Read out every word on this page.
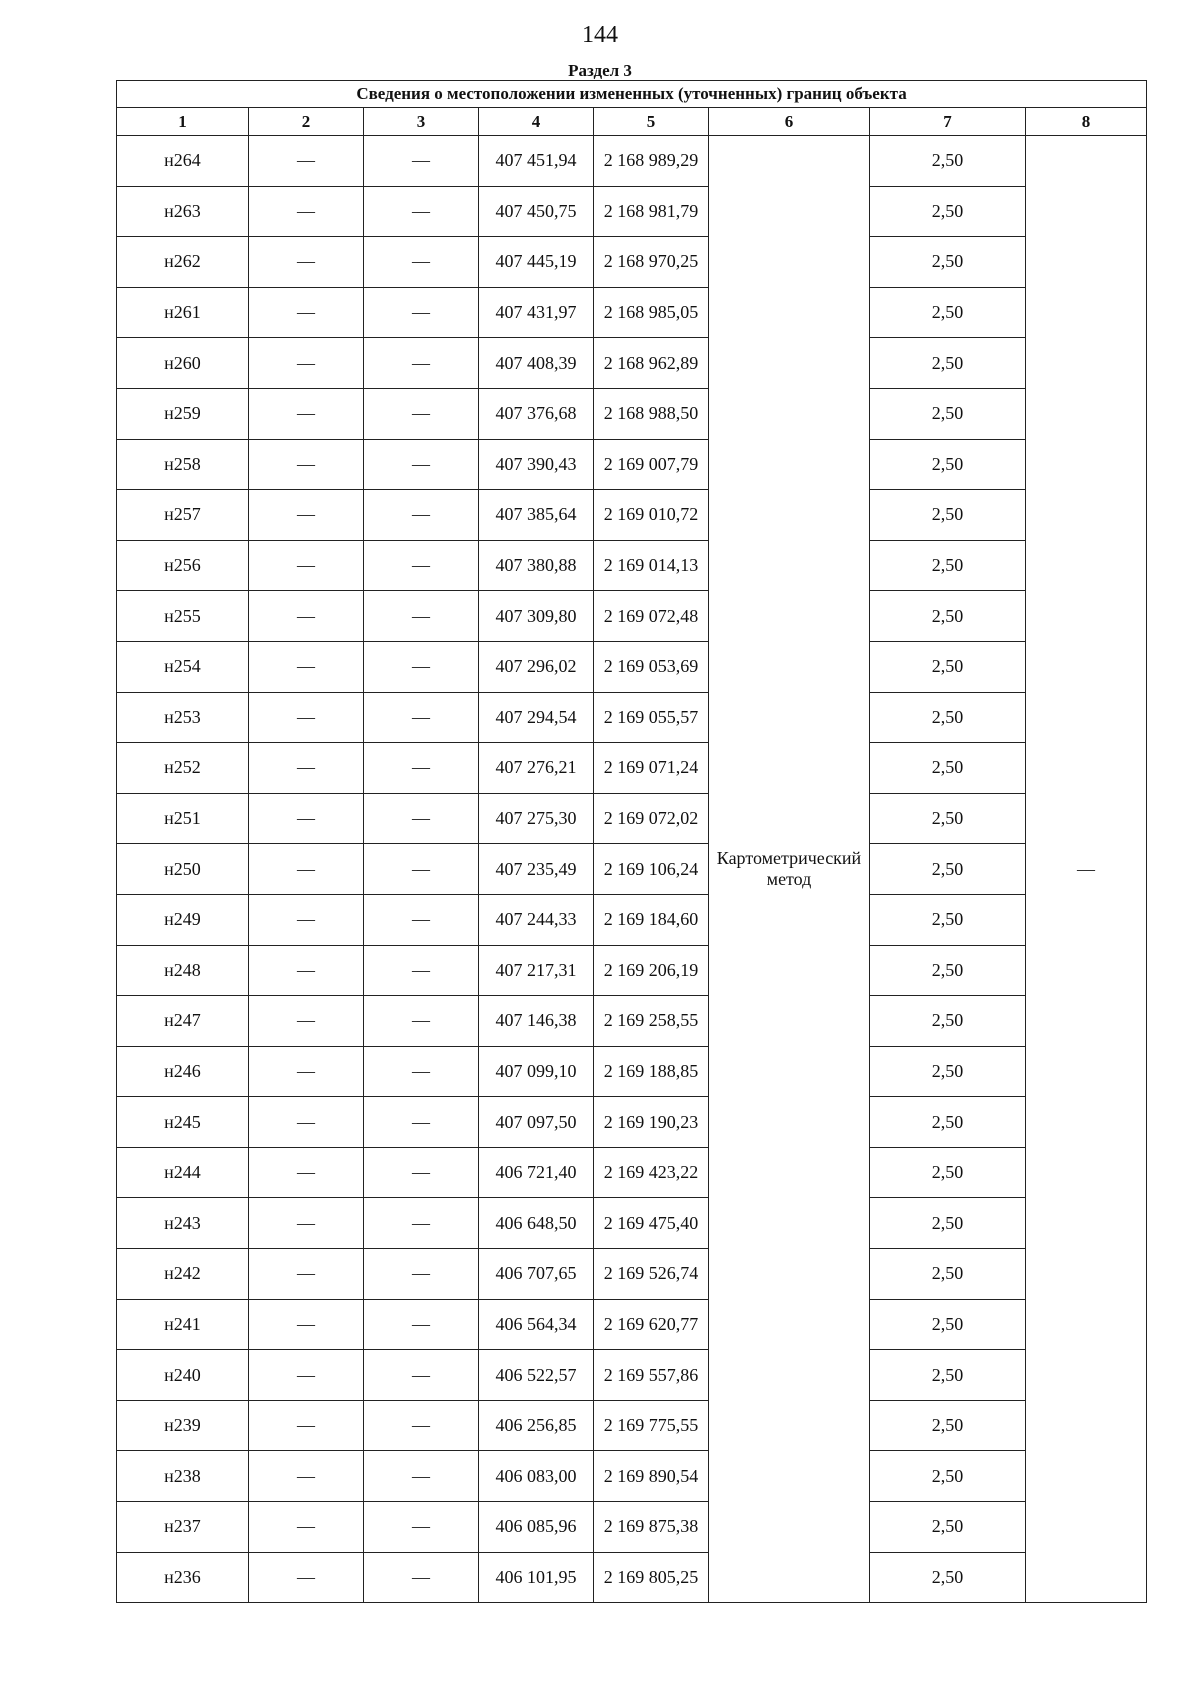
144
Раздел 3
Сведения о местоположении измененных (уточненных) границ объекта							
1	2	3	4	5	6	7	8
н264	—	—	407 451,94	2 168 989,29	Картометрический метод	2,50	—
н263	—	—	407 450,75	2 168 981,79		2,50	
н262	—	—	407 445,19	2 168 970,25		2,50	
н261	—	—	407 431,97	2 168 985,05		2,50	
н260	—	—	407 408,39	2 168 962,89		2,50	
н259	—	—	407 376,68	2 168 988,50		2,50	
н258	—	—	407 390,43	2 169 007,79		2,50	
н257	—	—	407 385,64	2 169 010,72		2,50	
н256	—	—	407 380,88	2 169 014,13		2,50	
н255	—	—	407 309,80	2 169 072,48		2,50	
н254	—	—	407 296,02	2 169 053,69		2,50	
н253	—	—	407 294,54	2 169 055,57		2,50	
н252	—	—	407 276,21	2 169 071,24		2,50	
н251	—	—	407 275,30	2 169 072,02		2,50	
н250	—	—	407 235,49	2 169 106,24		2,50	
н249	—	—	407 244,33	2 169 184,60		2,50	
н248	—	—	407 217,31	2 169 206,19		2,50	
н247	—	—	407 146,38	2 169 258,55		2,50	
н246	—	—	407 099,10	2 169 188,85		2,50	
н245	—	—	407 097,50	2 169 190,23		2,50	
н244	—	—	406 721,40	2 169 423,22		2,50	
н243	—	—	406 648,50	2 169 475,40		2,50	
н242	—	—	406 707,65	2 169 526,74		2,50	
н241	—	—	406 564,34	2 169 620,77		2,50	
н240	—	—	406 522,57	2 169 557,86		2,50	
н239	—	—	406 256,85	2 169 775,55		2,50	
н238	—	—	406 083,00	2 169 890,54		2,50	
н237	—	—	406 085,96	2 169 875,38		2,50	
н236	—	—	406 101,95	2 169 805,25		2,50	
